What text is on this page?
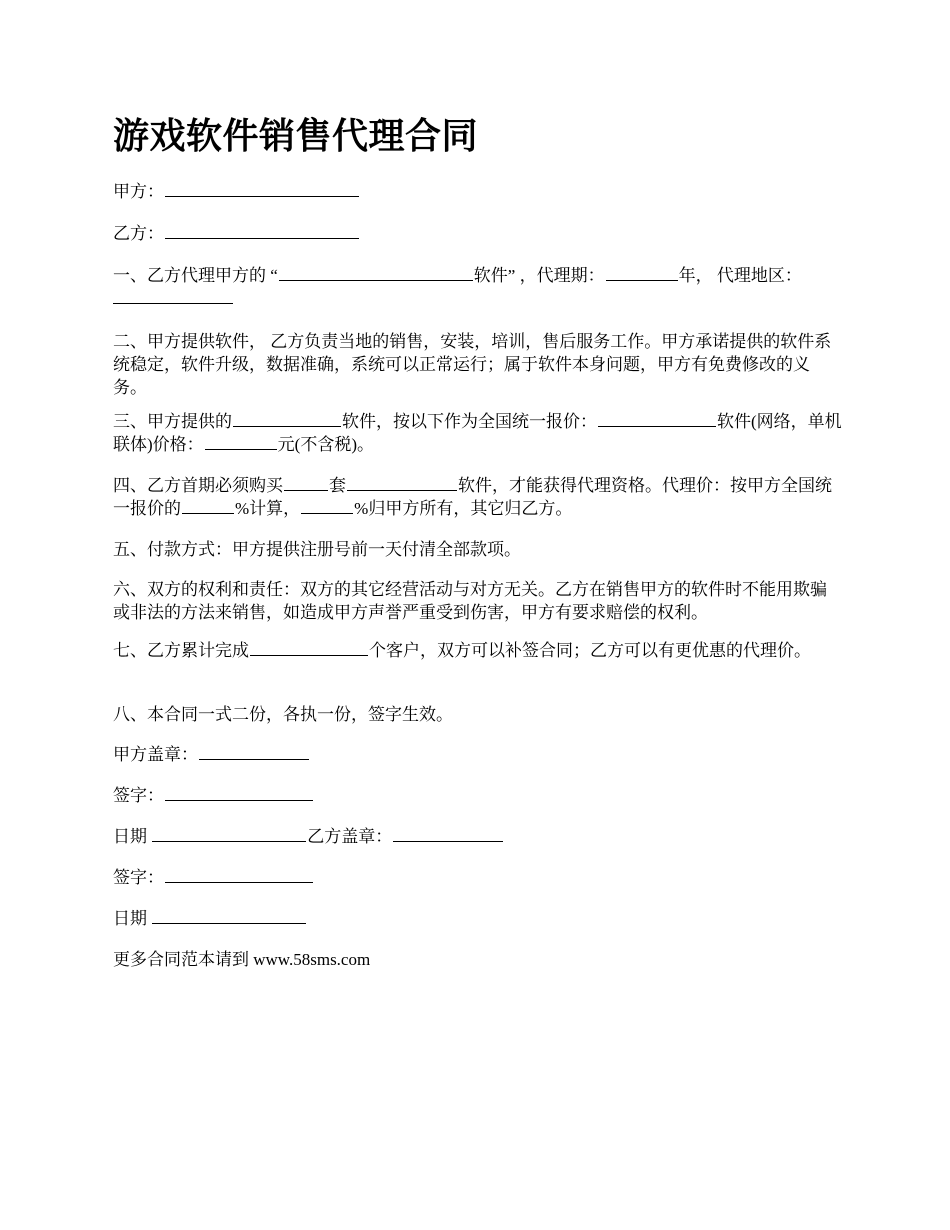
游戏软件销售代理合同

甲方：

乙方：

一、乙方代理甲方的 “	软件” ，代理期：	年， 代理地区：

二、甲方提供软件， 乙方负责当地的销售，安装，培训，售后服务工作。甲方承诺提供的软件系统稳定，软件升级，数据准确，系统可以正常运行；属于软件本身问题，甲方有免费修改的义务。

三、甲方提供的	软件，按以下作为全国统一报价：	软件(网络，单机联体)价格：	元(不含税)。

四、乙方首期必须购买	套	软件，才能获得代理资格。代理价：按甲方全国统一报价的	%计算，	%归甲方所有，其它归乙方。

五、付款方式：甲方提供注册号前一天付清全部款项。

六、双方的权利和责任：双方的其它经营活动与对方无关。乙方在销售甲方的软件时不能用欺骗或非法的方法来销售，如造成甲方声誉严重受到伤害，甲方有要求赔偿的权利。

七、乙方累计完成	个客户，双方可以补签合同；乙方可以有更优惠的代理价。

八、本合同一式二份，各执一份，签字生效。

甲方盖章：

签字：

日期	乙方盖章：

签字：

日期

更多合同范本请到 www.58sms.com
